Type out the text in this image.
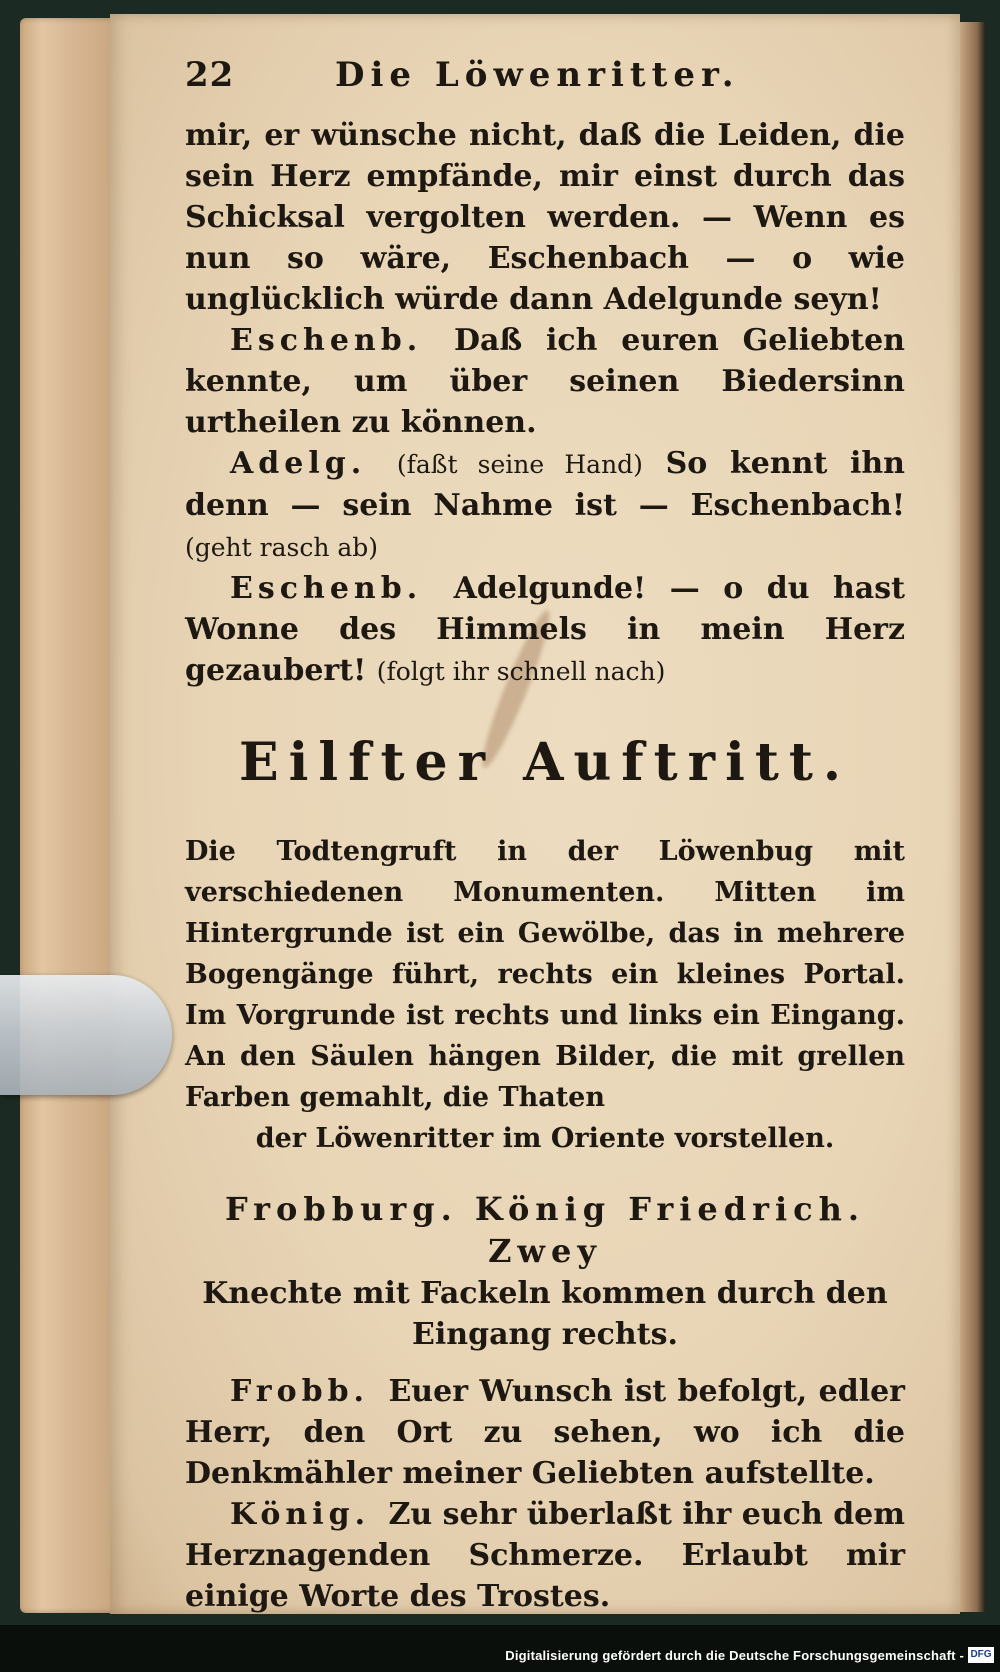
22	Die Löwenritter.

mir, er wünsche nicht, daß die Leiden, die sein Herz empfände, mir einst durch das Schicksal vergolten werden. — Wenn es nun so wäre, Eschenbach — o wie unglücklich würde dann Adelgunde seyn!

Eschenb. Daß ich euren Geliebten kennte, um über seinen Biedersinn urtheilen zu können.

Adelg. (faßt seine Hand) So kennt ihn denn — sein Nahme ist — Eschenbach! (geht rasch ab)

Eschenb. Adelgunde! — o du hast Wonne des Himmels in mein Herz gezaubert! (folgt ihr schnell nach)

Eilfter Auftritt.

Die Todtengruft in der Löwenbug mit verschiedenen Monumenten. Mitten im Hintergrunde ist ein Gewölbe, das in mehrere Bogengänge führt, rechts ein kleines Portal. Im Vorgrunde ist rechts und links ein Eingang. An den Säulen hängen Bilder, die mit grellen Farben gemahlt, die Thaten
der Löwenritter im Oriente vorstellen.

Frobburg. König Friedrich. Zwey
Knechte mit Fackeln kommen durch den Eingang rechts.

Frobb. Euer Wunsch ist befolgt, edler Herr, den Ort zu sehen, wo ich die Denkmähler meiner Geliebten aufstellte.

König. Zu sehr überlaßt ihr euch dem Herznagenden Schmerze. Erlaubt mir einige Worte des Trostes.

Digitalisierung gefördert durch die Deutsche Forschungsgemeinschaft - DFG
